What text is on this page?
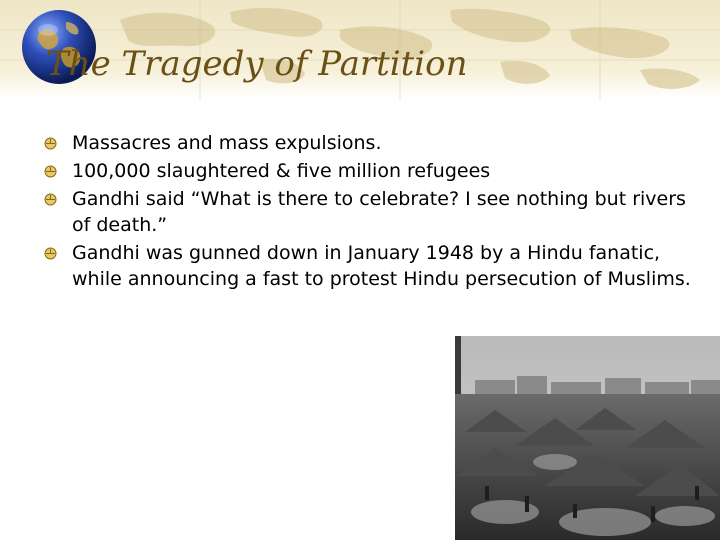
The Tragedy of Partition
Massacres and mass expulsions.
100,000 slaughtered & five million refugees
Gandhi said “What is there to celebrate? I see nothing but rivers of death.”
Gandhi was gunned down in January 1948 by a Hindu fanatic, while announcing a fast to protest Hindu persecution of Muslims.
